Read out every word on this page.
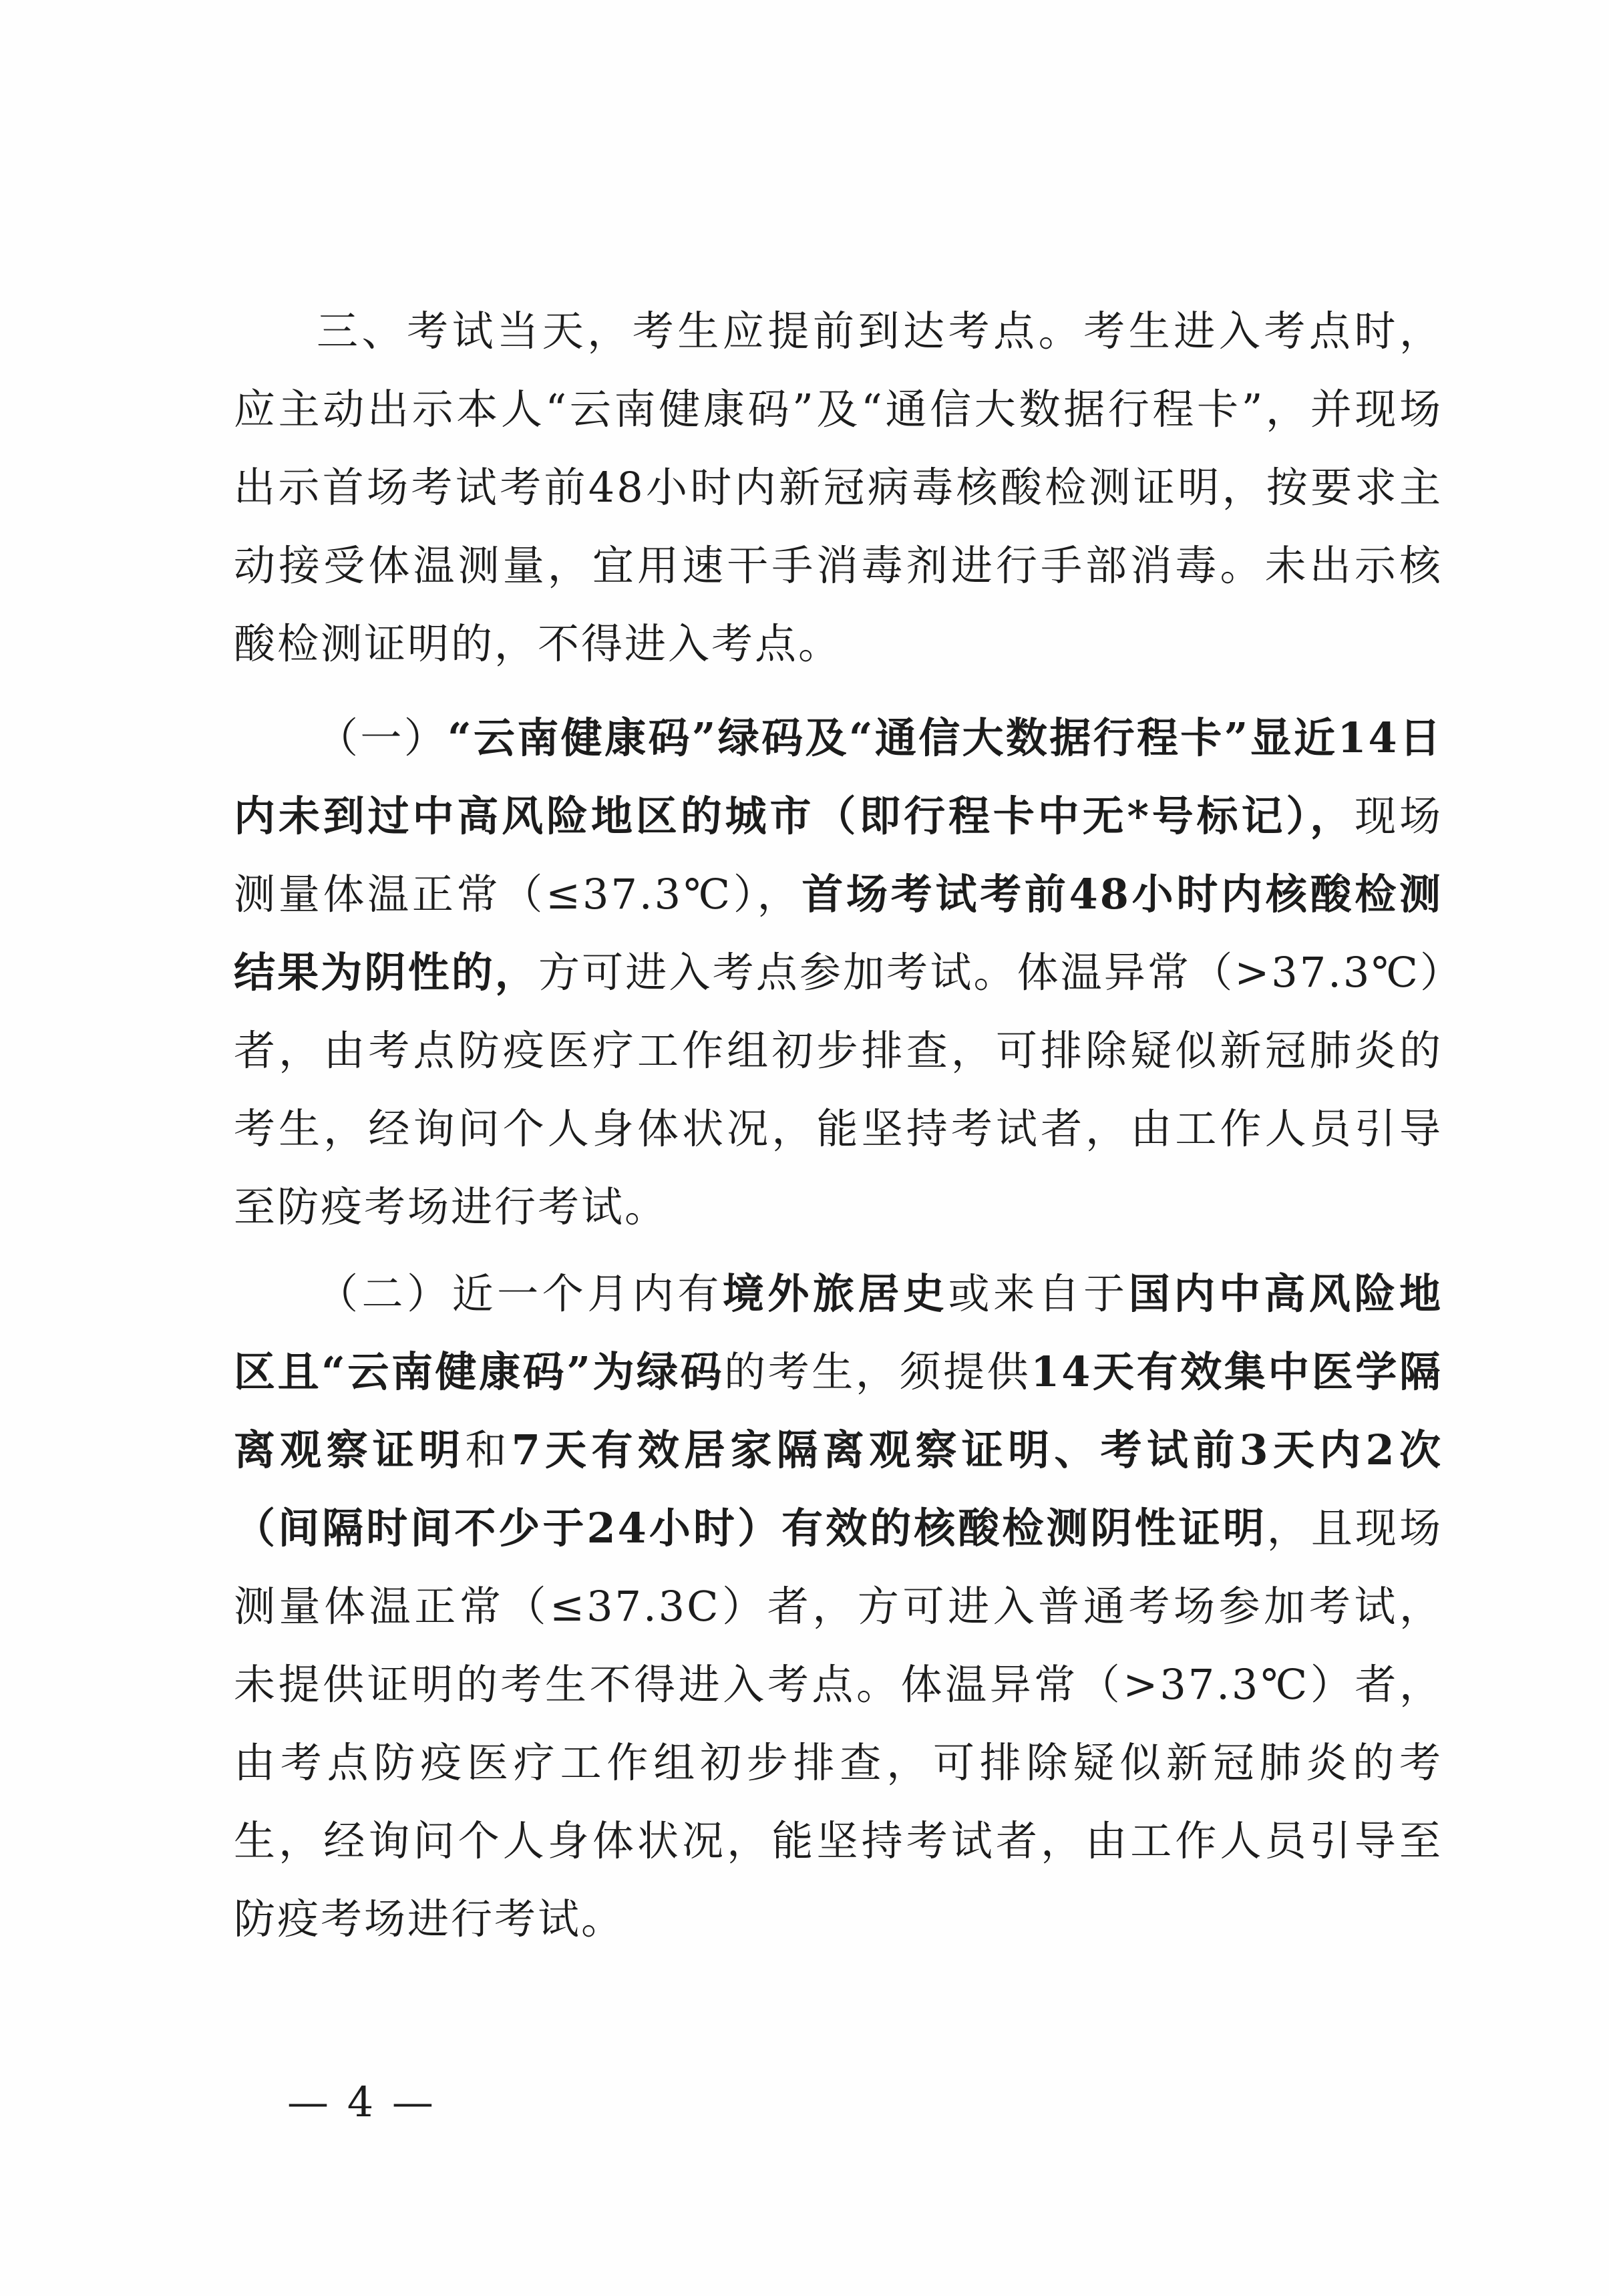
三、考试当天，考生应提前到达考点。考生进入考点时，应主动出示本人“云南健康码”及“通信大数据行程卡”，并现场出示首场考试考前48小时内新冠病毒核酸检测证明，按要求主动接受体温测量，宜用速干手消毒剂进行手部消毒。未出示核酸检测证明的，不得进入考点。

（一）“云南健康码”绿码及“通信大数据行程卡”显近14日内未到过中高风险地区的城市（即行程卡中无*号标记），现场测量体温正常（≤37.3℃），首场考试考前48小时内核酸检测结果为阴性的，方可进入考点参加考试。体温异常（>37.3℃）者，由考点防疫医疗工作组初步排查，可排除疑似新冠肺炎的考生，经询问个人身体状况，能坚持考试者，由工作人员引导至防疫考场进行考试。

（二）近一个月内有境外旅居史或来自于国内中高风险地区且“云南健康码”为绿码的考生，须提供14天有效集中医学隔离观察证明和7天有效居家隔离观察证明、考试前3天内2次（间隔时间不少于24小时）有效的核酸检测阴性证明，且现场测量体温正常（≤37.3C）者，方可进入普通考场参加考试，未提供证明的考生不得进入考点。体温异常（>37.3℃）者，由考点防疫医疗工作组初步排查，可排除疑似新冠肺炎的考生，经询问个人身体状况，能坚持考试者，由工作人员引导至防疫考场进行考试。

— 4 —
